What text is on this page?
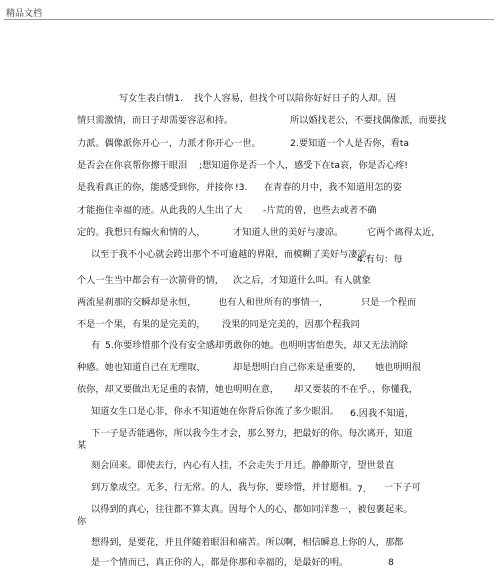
精品文档
写女生表白情1. 找个人容易，但找个可以陪你好好日子的人却。因
情只需激情，而日子却需要容忍和持。	所以婚找老公，不要找偶像派，而要找
力派。偶像派你开心一，力派才你开心一世。	2.要知道一个人是否你，看ta
是否会在你哀帮你擦干眼泪 ;想知道你是否一个人，感受下在ta哀，你是否心疼!
是我看真正的你，能感受到你，并接你 !3. 在青春的月中，我不知道用怎的姿
才能拖住幸福的迹。从此我的人生出了大 -片荒的曾，也些去或者不确
定的。我想只有煽火和情的人，	才知道人世的美好与凄凉。	它两个离得太近，
以至于我不小心就会跨出那个不可逾越的界限，而模糊了美好与凄凉。
4.有句：每
个人一生当中都会有一次箭骨的情， 次之后，才知道什么叫。有人就象
两流星刹那的交瞬却是永恒， 也有人和世所有的事情一，	只是一个程而
不是一个果，有果的是完美的， 没果的同是完美的，因那个程我同
有 5.你要珍惜那个没有安全感却勇敢你的她。也明明害怕患失，却又无法消除
种感。她也知道自己在无理取，	却是想明白自己你来是重要的， 她也明明很
依你，却又要做出无足重的表情，她也明明在意， 却又要装的不在乎。，你懂我，
知道女生口是心非，你永不知道她在你背后你流了多少眼泪。 6.因我不知道，
下一子是否能遇你，所以我今生才会，那么努力，把最好的你。每次离开，知道
某
刻会回来。即使去行，内心有人挂，不会走失于月迁。静静斯守，望世景直
到万象成空。无多，行无常。的人，我与你，要珍惜，并甘愿相。 7. 一下子可
以得到的真心，往往都不算太真。因每个人的心，都如同洋葱一，被包裹起来。
你
想得到，是要花，并且伴随着眼泪和痛苦。所以啊，相信瞬息上你的人，那都
是一个情而已，真正你的人，都是你那和幸福的，是最好的明。	8
